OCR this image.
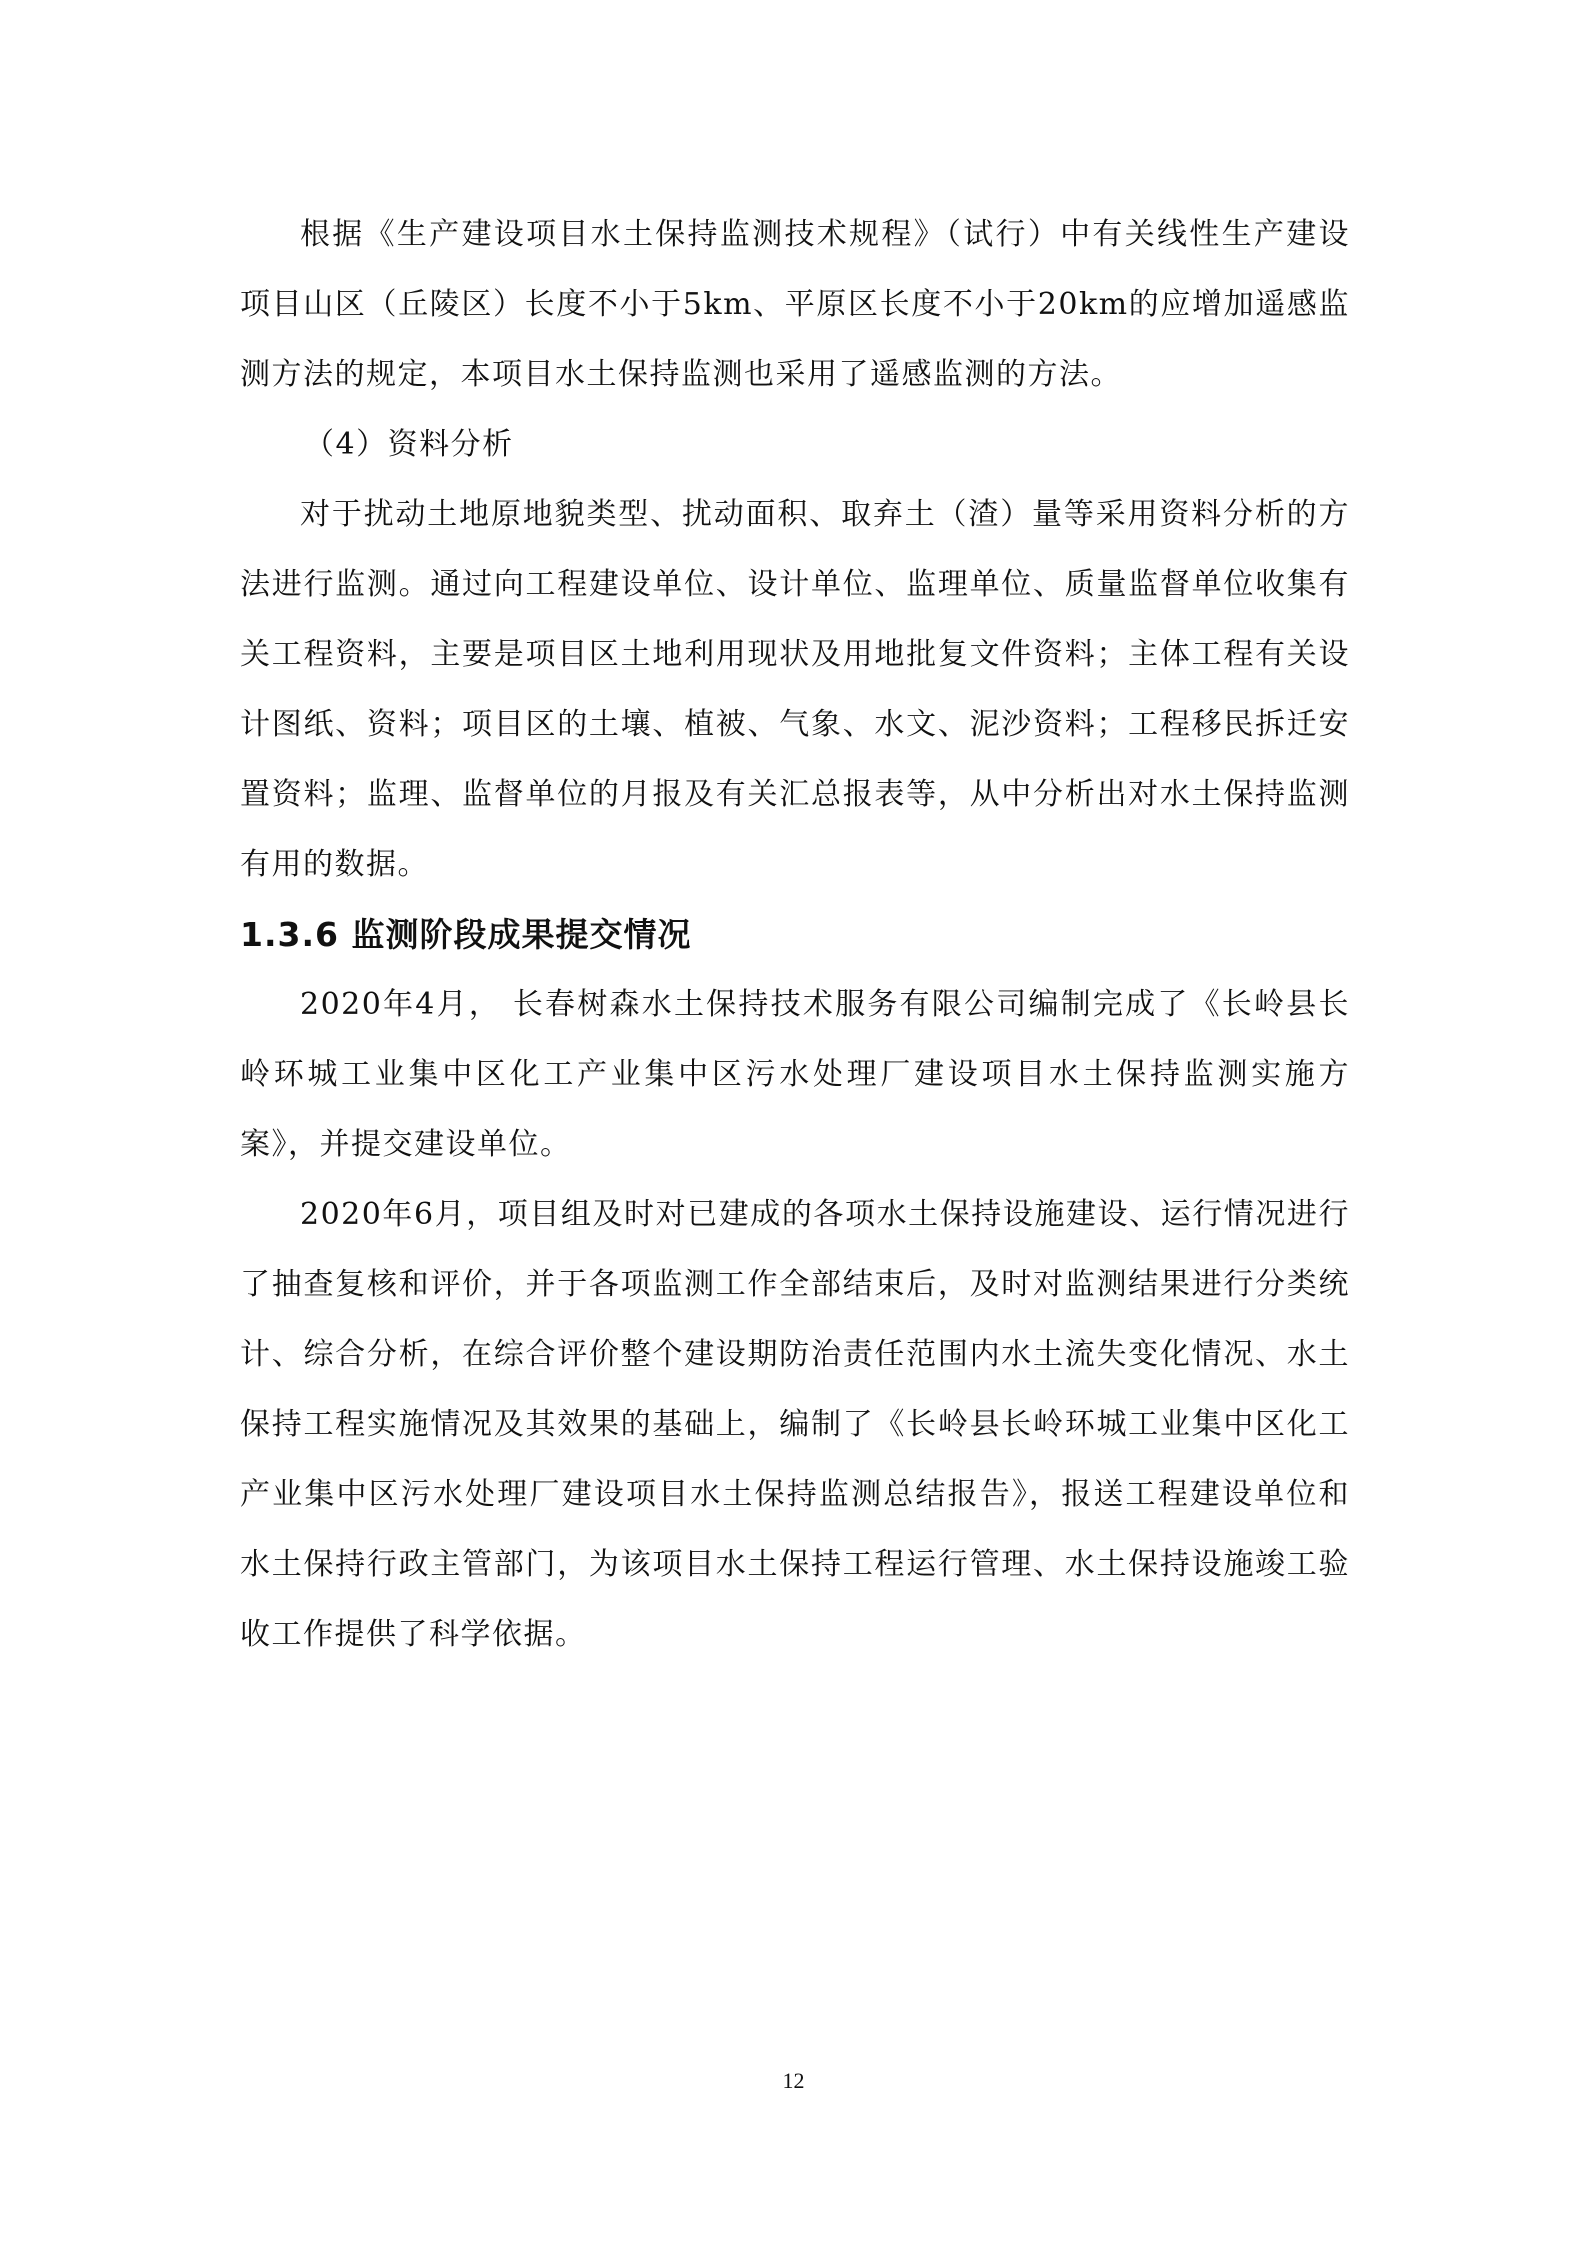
根据《生产建设项目水土保持监测技术规程》（试行）中有关线性生产建设项目山区（丘陵区）长度不小于5km、平原区长度不小于20km的应增加遥感监测方法的规定，本项目水土保持监测也采用了遥感监测的方法。

（4）资料分析

对于扰动土地原地貌类型、扰动面积、取弃土（渣）量等采用资料分析的方法进行监测。通过向工程建设单位、设计单位、监理单位、质量监督单位收集有关工程资料，主要是项目区土地利用现状及用地批复文件资料；主体工程有关设计图纸、资料；项目区的土壤、植被、气象、水文、泥沙资料；工程移民拆迁安置资料；监理、监督单位的月报及有关汇总报表等，从中分析出对水土保持监测有用的数据。

1.3.6 监测阶段成果提交情况

2020年4月， 长春树森水土保持技术服务有限公司编制完成了《长岭县长岭环城工业集中区化工产业集中区污水处理厂建设项目水土保持监测实施方案》，并提交建设单位。

2020年6月，项目组及时对已建成的各项水土保持设施建设、运行情况进行了抽查复核和评价，并于各项监测工作全部结束后，及时对监测结果进行分类统计、综合分析，在综合评价整个建设期防治责任范围内水土流失变化情况、水土保持工程实施情况及其效果的基础上，编制了《长岭县长岭环城工业集中区化工产业集中区污水处理厂建设项目水土保持监测总结报告》，报送工程建设单位和水土保持行政主管部门，为该项目水土保持工程运行管理、水土保持设施竣工验收工作提供了科学依据。

12
